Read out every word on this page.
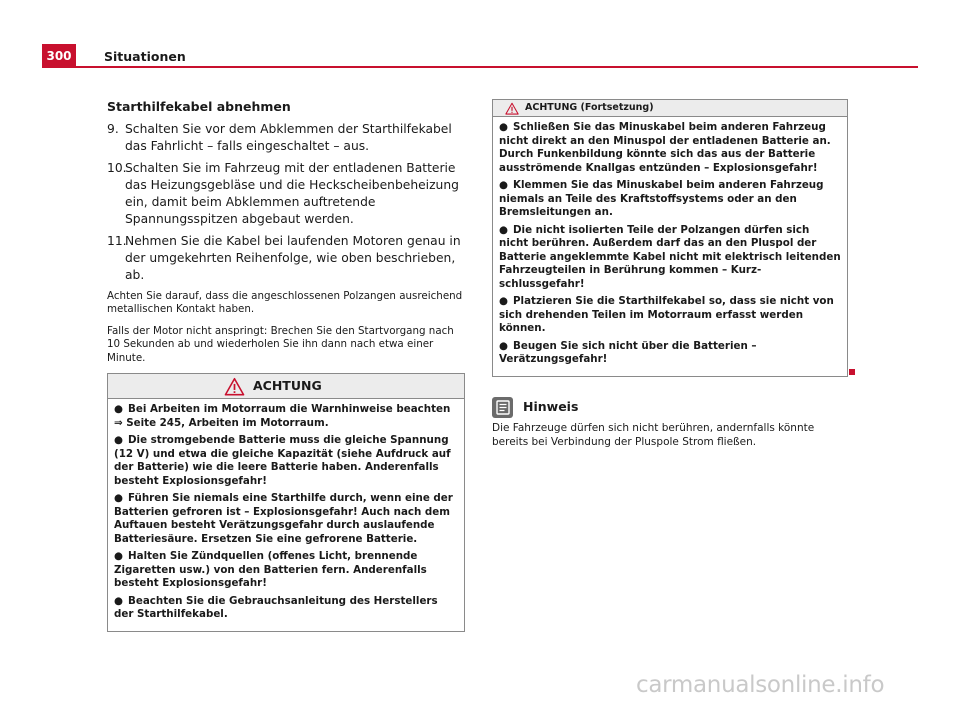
300	Situationen
Starthilfekabel abnehmen
9. Schalten Sie vor dem Abklemmen der Starthilfekabel das Fahrlicht – falls eingeschaltet – aus.
10.
Schalten Sie im Fahrzeug mit der entladenen Batterie das Heizungsgebläse und die Heckscheibenbeheizung ein, damit beim Abklemmen auftretende Spannungsspitzen abgebaut werden.
11.
Nehmen Sie die Kabel bei laufenden Motoren genau in der umgekehrten Reihenfolge, wie oben beschrieben, ab.

Achten Sie darauf, dass die angeschlossenen Polzangen ausreichend metallischen Kontakt haben.

Falls der Motor nicht anspringt: Brechen Sie den Startvorgang nach 10 Sekunden ab und wiederholen Sie ihn dann nach etwa einer Minute.

ACHTUNG

● Bei Arbeiten im Motorraum die Warnhinweise beachten ⇒ Seite 245, Arbeiten im Motorraum.

● Die stromgebende Batterie muss die gleiche Spannung (12 V) und etwa die gleiche Kapazität (siehe Aufdruck auf der Batterie) wie die leere Batterie haben. Anderenfalls besteht Explosionsgefahr!

● Führen Sie niemals eine Starthilfe durch, wenn eine der Batterien gefroren ist – Explosionsgefahr! Auch nach dem Auftauen besteht Verätzungsgefahr durch auslaufende Batteriesäure. Ersetzen Sie eine gefrorene Batterie.

● Halten Sie Zündquellen (offenes Licht, brennende Zigaretten usw.) von den Batterien fern. Anderenfalls besteht Explosionsgefahr!

● Beachten Sie die Gebrauchsanleitung des Herstellers der Starthilfekabel.

ACHTUNG (Fortsetzung)

● Schließen Sie das Minuskabel beim anderen Fahrzeug nicht direkt an den Minuspol der entladenen Batterie an. Durch Funkenbildung könnte sich das aus der Batterie ausströmende Knallgas entzünden – Explosionsgefahr!

● Klemmen Sie das Minuskabel beim anderen Fahrzeug niemals an Teile des Kraftstoffsystems oder an den Bremsleitungen an.

● Die nicht isolierten Teile der Polzangen dürfen sich nicht berühren. Außerdem darf das an den Pluspol der Batterie angeklemmte Kabel nicht mit elektrisch leitenden Fahrzeugteilen in Berührung kommen – Kurzschlussgefahr!

● Platzieren Sie die Starthilfekabel so, dass sie nicht von sich drehenden Teilen im Motorraum erfasst werden können.

● Beugen Sie sich nicht über die Batterien – Verätzungsgefahr!

Hinweis

Die Fahrzeuge dürfen sich nicht berühren, andernfalls könnte bereits bei Verbindung der Pluspole Strom fließen.

carmanualsonline.info
